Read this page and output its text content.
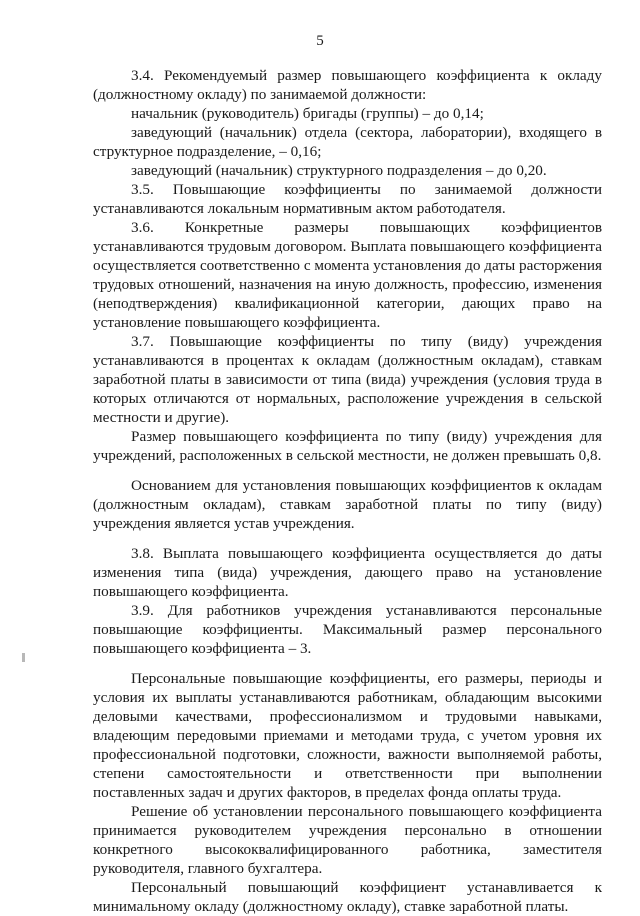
5

3.4. Рекомендуемый размер повышающего коэффициента к окладу (должностному окладу) по занимаемой должности:

начальник (руководитель) бригады (группы) – до 0,14;

заведующий (начальник) отдела (сектора, лаборатории), входящего в структурное подразделение, – 0,16;

заведующий (начальник) структурного подразделения – до 0,20.

3.5. Повышающие коэффициенты по занимаемой должности устанавливаются локальным нормативным актом работодателя.

3.6. Конкретные размеры повышающих коэффициентов устанавливаются трудовым договором. Выплата повышающего коэффициента осуществляется соответственно с момента установления до даты расторжения трудовых отношений, назначения на иную должность, профессию, изменения (неподтверждения) квалификационной категории, дающих право на установление повышающего коэффициента.

3.7. Повышающие коэффициенты по типу (виду) учреждения устанавливаются в процентах к окладам (должностным окладам), ставкам заработной платы в зависимости от типа (вида) учреждения (условия труда в которых отличаются от нормальных, расположение учреждения в сельской местности и другие).

Размер повышающего коэффициента по типу (виду) учреждения для учреждений, расположенных в сельской местности, не должен превышать 0,8.

Основанием для установления повышающих коэффициентов к окладам (должностным окладам), ставкам заработной платы по типу (виду) учреждения является устав учреждения.

3.8. Выплата повышающего коэффициента осуществляется до даты изменения типа (вида) учреждения, дающего право на установление повышающего коэффициента.

3.9. Для работников учреждения устанавливаются персональные повышающие коэффициенты. Максимальный размер персонального повышающего коэффициента – 3.

Персональные повышающие коэффициенты, его размеры, периоды и условия их выплаты устанавливаются работникам, обладающим высокими деловыми качествами, профессионализмом и трудовыми навыками, владеющим передовыми приемами и методами труда, с учетом уровня их профессиональной подготовки, сложности, важности выполняемой работы, степени самостоятельности и ответственности при выполнении поставленных задач и других факторов, в пределах фонда оплаты труда.

Решение об установлении персонального повышающего коэффициента принимается руководителем учреждения персонально в отношении конкретного высококвалифицированного работника, заместителя руководителя, главного бухгалтера.

Персональный повышающий коэффициент устанавливается к минимальному окладу (должностному окладу), ставке заработной платы.
